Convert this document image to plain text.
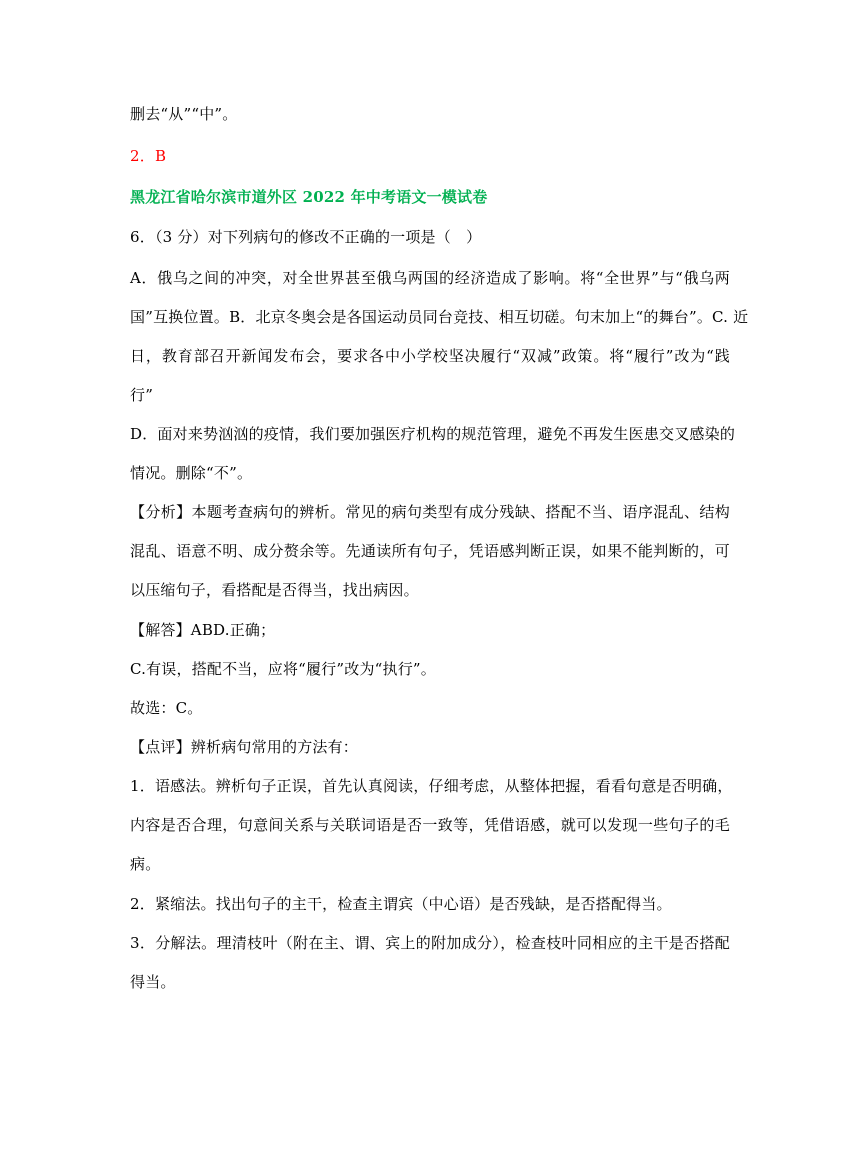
删去“从”“中”。
2．B
黑龙江省哈尔滨市道外区 2022 年中考语文一模试卷
6．（3 分）对下列病句的修改不正确的一项是（　）
A．俄乌之间的冲突，对全世界甚至俄乌两国的经济造成了影响。将“全世界”与“俄乌两
国”互换位置。B．北京冬奥会是各国运动员同台竞技、相互切磋。句末加上“的舞台”。C. 近
日，教育部召开新闻发布会，要求各中小学校坚决履行“双减”政策。将“履行”改为“践
行”
D．面对来势汹汹的疫情，我们要加强医疗机构的规范管理，避免不再发生医患交叉感染的
情况。删除“不”。
【分析】本题考查病句的辨析。常见的病句类型有成分残缺、搭配不当、语序混乱、结构
混乱、语意不明、成分赘余等。先通读所有句子，凭语感判断正误，如果不能判断的，可
以压缩句子，看搭配是否得当，找出病因。
【解答】ABD.正确；
C.有误，搭配不当，应将“履行”改为“执行”。
故选：C。
【点评】辨析病句常用的方法有：
1．语感法。辨析句子正误，首先认真阅读，仔细考虑，从整体把握，看看句意是否明确，
内容是否合理，句意间关系与关联词语是否一致等，凭借语感，就可以发现一些句子的毛
病。
2．紧缩法。找出句子的主干，检查主谓宾（中心语）是否残缺，是否搭配得当。
3．分解法。理清枝叶（附在主、谓、宾上的附加成分），检查枝叶同相应的主干是否搭配
得当。
